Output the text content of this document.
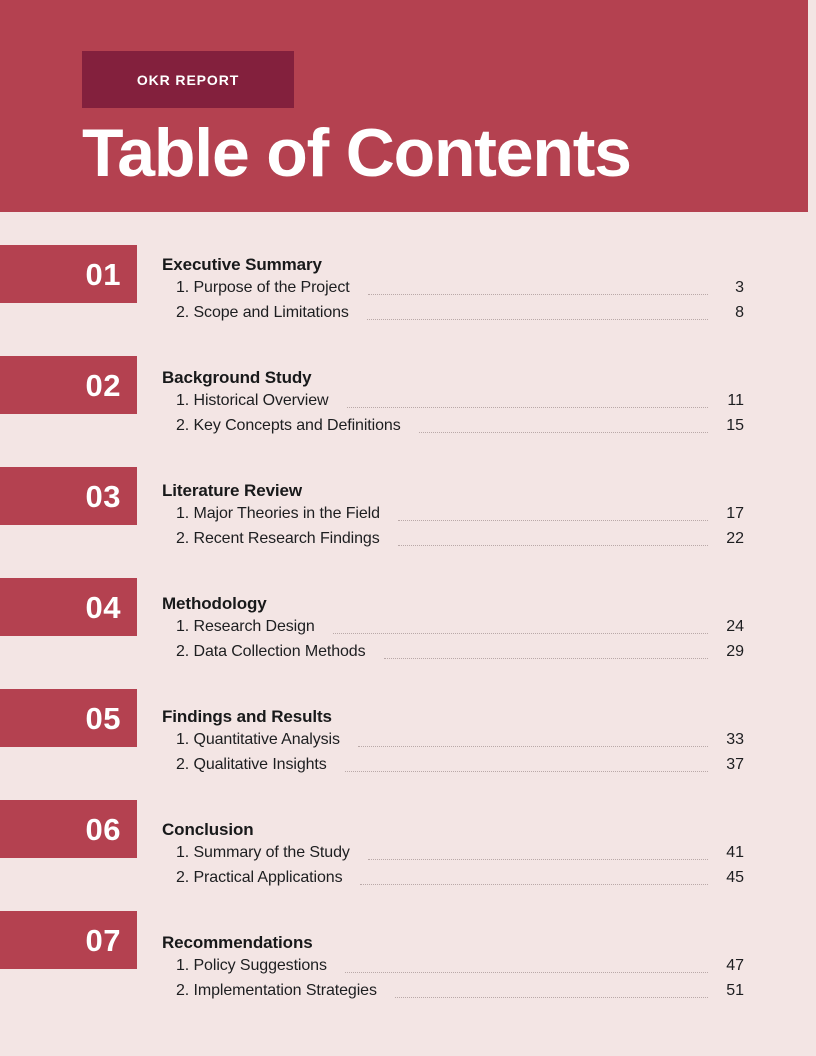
OKR REPORT
Table of Contents
01 Executive Summary
1. Purpose of the Project	3
2. Scope and Limitations	8
02 Background Study
1. Historical Overview	11
2. Key Concepts and Definitions	15
03 Literature Review
1. Major Theories in the Field	17
2. Recent Research Findings	22
04 Methodology
1. Research Design	24
2. Data Collection Methods	29
05 Findings and Results
1. Quantitative Analysis	33
2. Qualitative Insights	37
06 Conclusion
1. Summary of the Study	41
2. Practical Applications	45
07 Recommendations
1. Policy Suggestions	47
2. Implementation Strategies	51
